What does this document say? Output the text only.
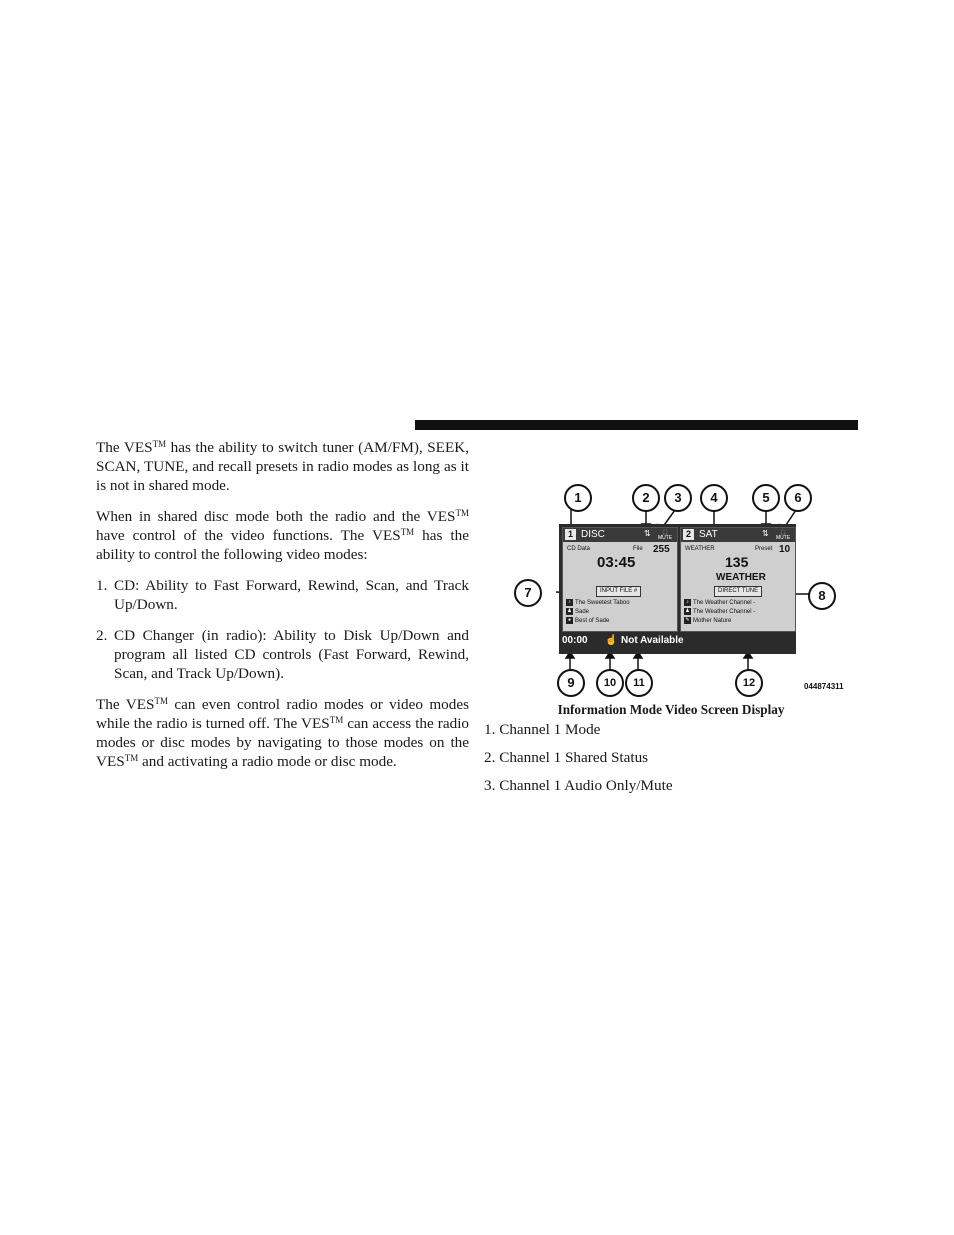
The VES™ has the ability to switch tuner (AM/FM), SEEK, SCAN, TUNE, and recall presets in radio modes as long as it is not in shared mode.

When in shared disc mode both the radio and the VES™ have control of the video functions. The VES™ has the ability to control the following video modes:

1. CD: Ability to Fast Forward, Rewind, Scan, and Track Up/Down.
2. CD Changer (in radio): Ability to Disk Up/Down and program all listed CD controls (Fast Forward, Rewind, Scan, and Track Up/Down).

The VES™ can even control radio modes or video modes while the radio is turned off. The VES™ can access the radio modes or disc modes by navigating to those modes on the VES™ and activating a radio mode or disc mode.

1 DISC	⇅	🎧
MUTE
CD Data	File 255
03:45
INPUT FILE #
♪ The Sweetest Taboo
♟ Sade
● Best of Sade
2 SAT	⇅	🎧
MUTE
WEATHER	Preset 10
135
WEATHER
DIRECT TUNE
♪ The Weather Channel -
♟ The Weather Channel -
✎ Mother Nature
00:00 ☝ Not Available
1	2	3	4	5	6
7	8
9	10	11	12	044874311
Information Mode Video Screen Display
1. Channel 1 Mode
2. Channel 1 Shared Status
3. Channel 1 Audio Only/Mute
